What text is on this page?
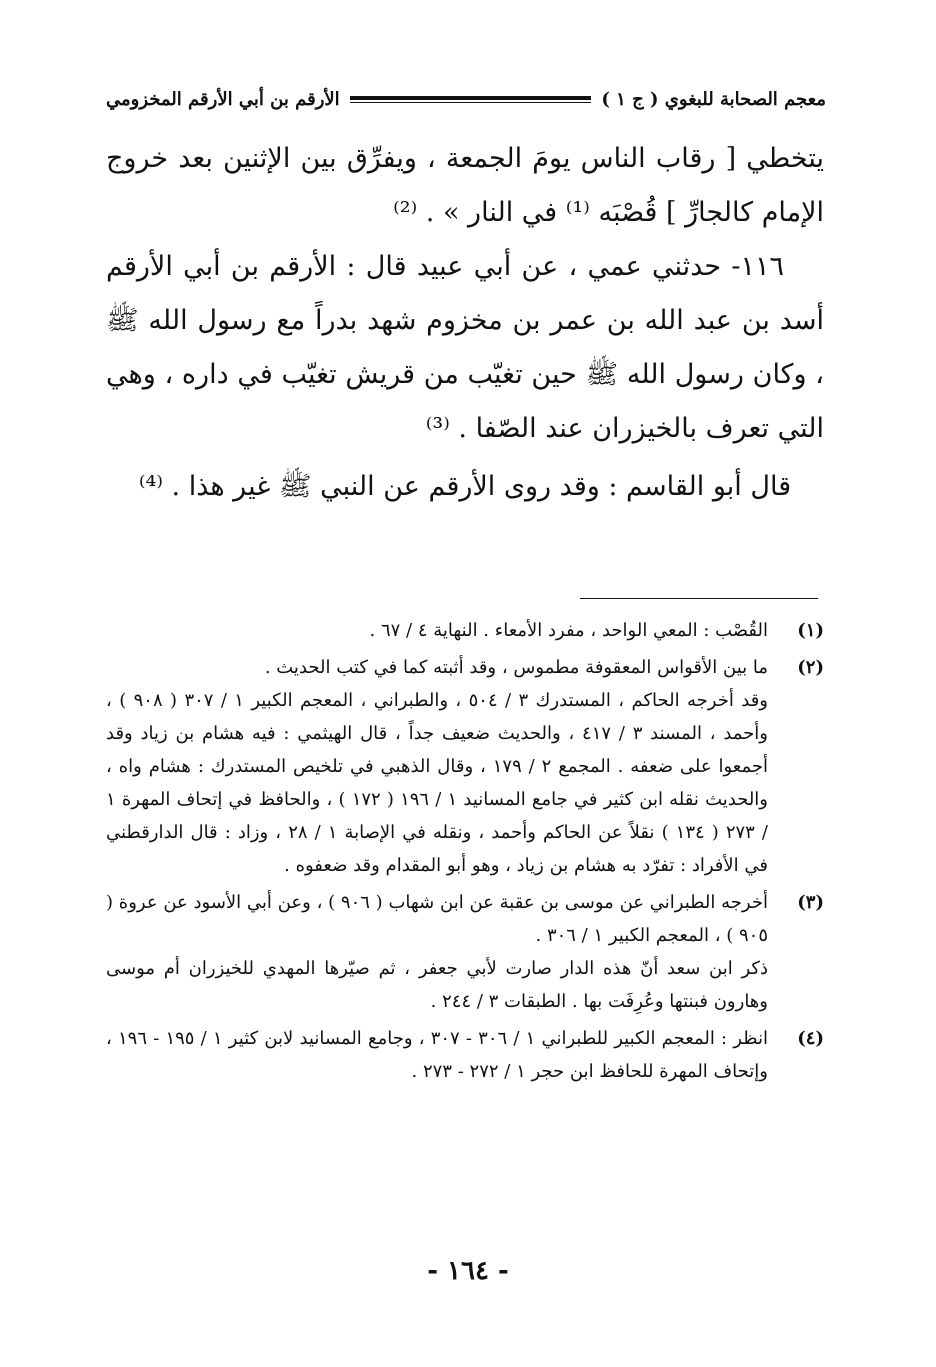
معجم الصحابة للبغوي ( ج ١ )
الأرقم بن أبي الأرقم المخزومي

يتخطي [ رقاب الناس يومَ الجمعة ، ويفرِّق بين الإثنين بعد خروج الإمام كالجارِّ ] قُصْبَه ⁽¹⁾ في النار » . ⁽²⁾

١١٦- حدثني عمي ، عن أبي عبيد قال : الأرقم بن أبي الأرقم أسد بن عبد الله بن عمر بن مخزوم شهد بدراً مع رسول الله ﷺ ، وكان رسول الله ﷺ حين تغيّب من قريش تغيّب في داره ، وهي التي تعرف بالخيزران عند الصّفا . ⁽³⁾

قال أبو القاسم : وقد روى الأرقم عن النبي ﷺ غير هذا . ⁽⁴⁾

(١)
القُصْب : المعي الواحد ، مفرد الأمعاء . النهاية ٤ / ٦٧ .
(٢)
ما بين الأقواس المعقوفة مطموس ، وقد أثبته كما في كتب الحديث .
وقد أخرجه الحاكم ، المستدرك ٣ / ٥٠٤ ، والطبراني ، المعجم الكبير ١ / ٣٠٧ ( ٩٠٨ ) ، وأحمد ، المسند ٣ / ٤١٧ ، والحديث ضعيف جداً ، قال الهيثمي : فيه هشام بن زياد وقد أجمعوا على ضعفه . المجمع ٢ / ١٧٩ ، وقال الذهبي في تلخيص المستدرك : هشام واه ، والحديث نقله ابن كثير في جامع المسانيد ١ / ١٩٦ ( ١٧٢ ) ، والحافظ في إتحاف المهرة ١ / ٢٧٣ ( ١٣٤ ) نقلاً عن الحاكم وأحمد ، ونقله في الإصابة ١ / ٢٨ ، وزاد : قال الدارقطني في الأفراد : تفرّد به هشام بن زياد ، وهو أبو المقدام وقد ضعفوه .
(٣)
أخرجه الطبراني عن موسى بن عقبة عن ابن شهاب ( ٩٠٦ ) ، وعن أبي الأسود عن عروة ( ٩٠٥ ) ، المعجم الكبير ١ / ٣٠٦ .
ذكر ابن سعد أنّ هذه الدار صارت لأبي جعفر ، ثم صيّرها المهدي للخيزران أم موسى وهارون فبنتها وعُرِفَت بها . الطبقات ٣ / ٢٤٤ .
(٤)
انظر : المعجم الكبير للطبراني ١ / ٣٠٦ - ٣٠٧ ، وجامع المسانيد لابن كثير ١ / ١٩٥ - ١٩٦ ، وإتحاف المهرة للحافظ ابن حجر ١ / ٢٧٢ - ٢٧٣ .
- ١٦٤ -
